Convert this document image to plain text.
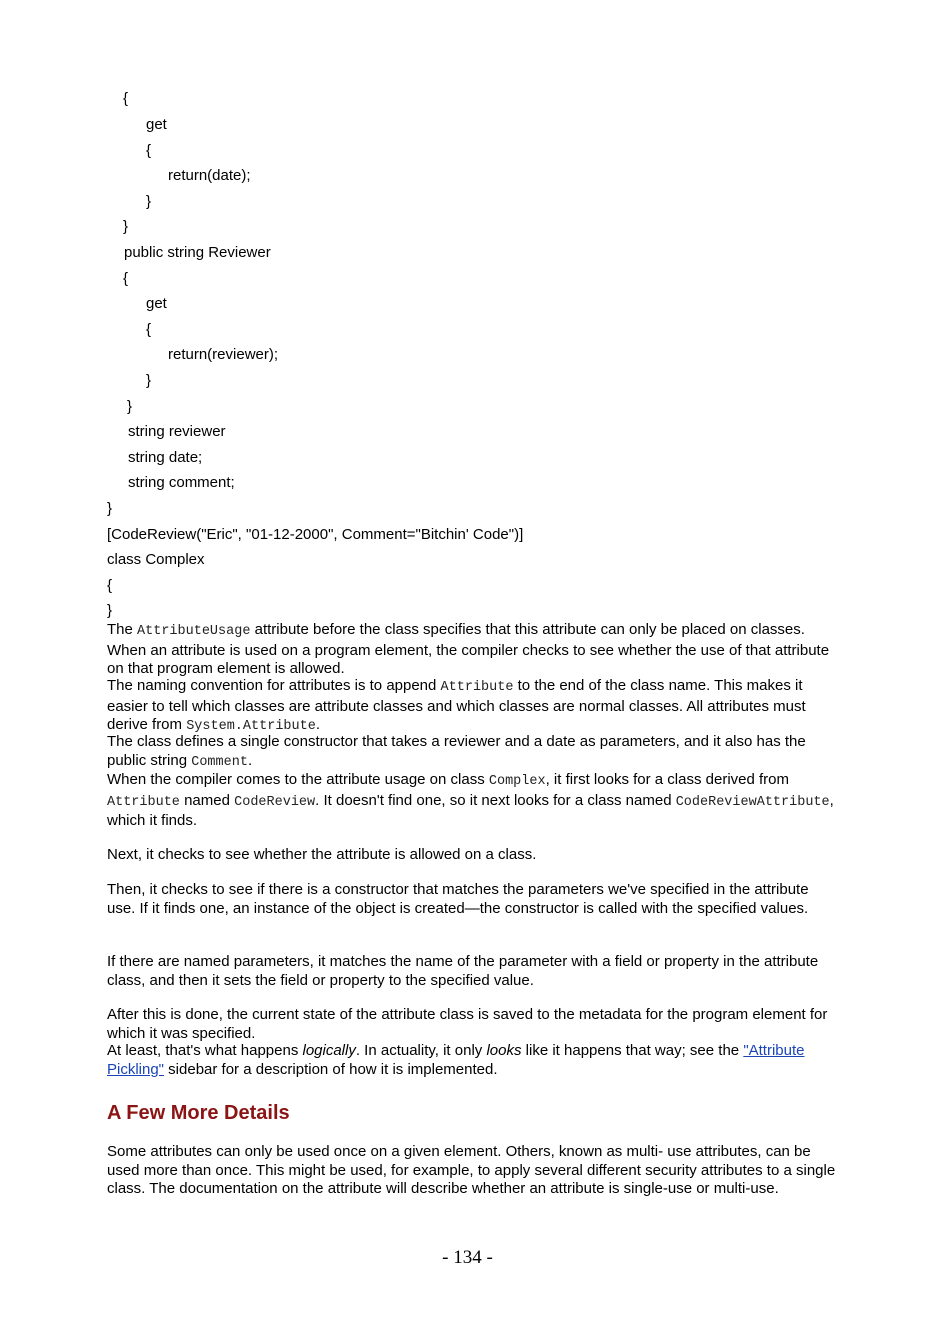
{
get
{
return(date);
}
}
public string Reviewer
{
get
{
return(reviewer);
}
}
string reviewer
string date;
string comment;
}
[CodeReview("Eric", "01-12-2000", Comment="Bitchin' Code")]
class Complex
{
}

The AttributeUsage attribute before the class specifies that this attribute can only be placed on classes. When an attribute is used on a program element, the compiler checks to see whether the use of that attribute on that program element is allowed.

The naming convention for attributes is to append Attribute to the end of the class name. This makes it easier to tell which classes are attribute classes and which classes are normal classes. All attributes must derive from System.Attribute.

The class defines a single constructor that takes a reviewer and a date as parameters, and it also has the public string Comment.

When the compiler comes to the attribute usage on class Complex, it first looks for a class derived from Attribute named CodeReview. It doesn't find one, so it next looks for a class named CodeReviewAttribute, which it finds.

Next, it checks to see whether the attribute is allowed on a class.

Then, it checks to see if there is a constructor that matches the parameters we've specified in the attribute use. If it finds one, an instance of the object is created—the constructor is called with the specified values.

If there are named parameters, it matches the name of the parameter with a field or property in the attribute class, and then it sets the field or property to the specified value.

After this is done, the current state of the attribute class is saved to the metadata for the program element for which it was specified.

At least, that's what happens logically. In actuality, it only looks like it happens that way; see the "Attribute Pickling" sidebar for a description of how it is implemented.

A Few More Details

Some attributes can only be used once on a given element. Others, known as multi- use attributes, can be used more than once. This might be used, for example, to apply several different security attributes to a single class. The documentation on the attribute will describe whether an attribute is single-use or multi-use.

- 134 -
